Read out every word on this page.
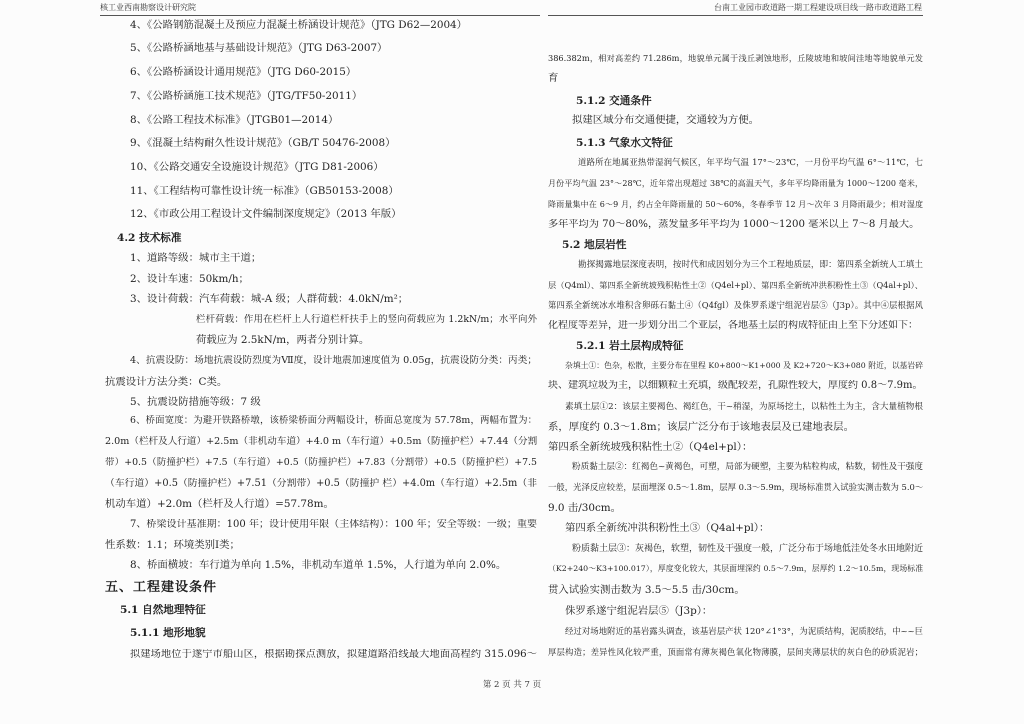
核工业西南勘察设计研究院	台南工业园市政道路一期工程建设项目线一路市政道路工程
4、《公路钢筋混凝土及预应力混凝土桥涵设计规范》（JTG D62—2004）
5、《公路桥涵地基与基础设计规范》（JTG D63-2007）
6、《公路桥涵设计通用规范》（JTG D60-2015）
7、《公路桥涵施工技术规范》（JTG/TF50-2011）
8、《公路工程技术标准》（JTGB01—2014）
9、《混凝土结构耐久性设计规范》（GB/T 50476-2008）
10、《公路交通安全设施设计规范》（JTG D81-2006）
11、《工程结构可靠性设计统一标准》（GB50153-2008）
12、《市政公用工程设计文件编制深度规定》（2013 年版）
4.2 技术标准
1、道路等级：城市主干道；
2、设计车速：50km/h；
3、设计荷载：汽车荷载：城-A 级；人群荷载：4.0kN/m²；
栏杆荷载：作用在栏杆上人行道栏杆扶手上的竖向荷载应为 1.2kN/m；水平向外
荷载应为 2.5kN/m，两者分别计算。
4、抗震设防：场地抗震设防烈度为Ⅶ度，设计地震加速度值为 0.05g，抗震设防分类：丙类；
抗震设计方法分类：C类。
5、抗震设防措施等级：7 级
6、桥面宽度：为避开铁路桥墩，该桥梁桥面分两幅设计，桥面总宽度为 57.78m，两幅布置为：
2.0m（栏杆及人行道）+2.5m（非机动车道）+4.0 m（车行道）+0.5m（防撞护栏）+7.44（分割
带）+0.5（防撞护栏）+7.5（车行道）+0.5（防撞护栏）+7.83（分割带）+0.5（防撞护栏）+7.5
（车行道）+0.5（防撞护栏）+7.51（分割带）+0.5（防撞护 栏）+4.0m（车行道）+2.5m（非
机动车道）+2.0m（栏杆及人行道）=57.78m。
7、桥梁设计基准期：100 年；设计使用年限（主体结构）：100 年；安全等级：一级；重要
性系数：1.1；环境类别Ⅰ类；
8、桥面横坡：车行道为单向 1.5%，非机动车道单 1.5%，人行道为单向 2.0%。
五、工程建设条件
5.1 自然地理特征
5.1.1 地形地貌
拟建场地位于遂宁市船山区，根据勘探点测放，拟建道路沿线最大地面高程约 315.096～
386.382m，相对高差约 71.286m，地貌单元属于浅丘剥蚀地形，丘陵坡地和坡间洼地等地貌单元发
育
5.1.2 交通条件
拟建区域分布交通便捷，交通较为方便。
5.1.3 气象水文特征
道路所在地属亚热带湿润气候区，年平均气温 17°～23℃，一月份平均气温 6°～11℃，七
月份平均气温 23°～28℃，近年常出现超过 38℃的高温天气，多年平均降雨量为 1000～1200 毫米，
降雨量集中在 6～9 月，约占全年降雨量的 50～60%，冬春季节 12 月～次年 3 月降雨最少；相对湿度
多年平均为 70～80%，蒸发量多年平均为 1000～1200 毫米以上 7～8 月最大。
5.2 地层岩性
勘探揭露地层深度表明，按时代和成因划分为三个工程地质层，即：第四系全新统人工填土
层（Q4ml）、第四系全新统坡残积粘性土②（Q4el+pl）、第四系全新统冲洪积粉性土③（Q4al+pl）、
第四系全新统冰水堆积含卵砾石黏土④（Q4fgl）及侏罗系遂宁组泥岩层⑤（J3p）。其中④层根据风
化程度等差异，进一步划分出二个亚层，各地基土层的构成特征由上至下分述如下：
5.2.1 岩土层构成特征
杂填土①：色杂，松散，主要分布在里程 K0+800～K1+000 及 K2+720～K3+080 附近，以基岩碎
块、建筑垃圾为主，以细颗粒土充填，级配较差，孔隙性较大，厚度约 0.8～7.9m。
素填土层①2：该层主要褐色、褐红色，干~稍湿，为原场挖土，以粘性土为主，含大量植物根
系，厚度约 0.3～1.8m；该层广泛分布于该地表层及已建地表层。
第四系全新统坡残积粘性土②（Q4el+pl）：
粉质黏土层②：红褐色~黄褐色，可塑，局部为硬塑，主要为粘粒构成，粘数，韧性及干强度
一般，光泽反应较差，层面埋深 0.5～1.8m，层厚 0.3～5.9m，现场标准贯入试验实测击数为 5.0～
9.0 击/30cm。
第四系全新统冲洪积粉性土③（Q4al+pl）：
粉质黏土层③：灰褐色，软塑，韧性及干强度一般，广泛分布于场地低洼处冬水田地附近
（K2+240～K3+100.017），厚度变化较大，其层面埋深约 0.5～7.9m，层厚约 1.2～10.5m，现场标准
贯入试验实测击数为 3.5～5.5 击/30cm。
侏罗系遂宁组泥岩层⑤（J3p）：
经过对场地附近的基岩露头调查，该基岩层产状 120°∠1°3°，为泥质结构，泥质胶结，中~~巨
厚层构造；差异性风化较严重，顶面常有薄灰褐色氧化物薄膜，层间夹薄层状的灰白色的砂质泥岩；
第 2 页 共 7 页
